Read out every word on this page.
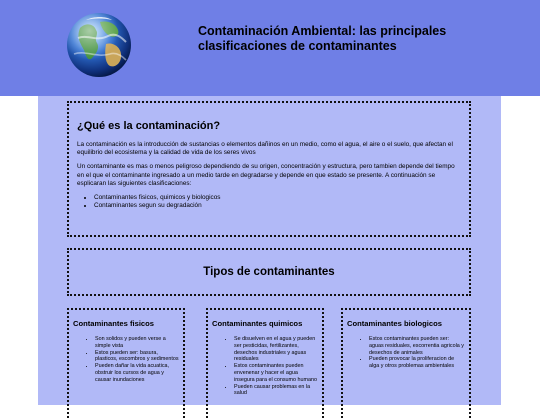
Contaminación Ambiental: las principales clasificaciones de contaminantes
¿Qué es la contaminación?

La contaminación es la introducción de sustancias o elementos dañinos en un medio, como el agua, el aire o el suelo, que afectan el equilibrio del ecosistema y la calidad de vida de los seres vivos

Un contaminante es mas o menos peligroso dependiendo de su origen, concentración y estructura, pero tambien depende del tiempo en el que el contaminante ingresado a un medio tarde en degradarse y depende en que estado se presente. A continuación se esplicaran las siguientes clasificaciones:

• Contaminantes fisicos, quimicos y biologicos
• Contaminantes segun su degradación
Tipos de contaminantes
Contaminantes fisicos
• Son solidos y pueden verse a simple vista
• Estos pueden ser: basura, plasticos, escombros y sedimentos
• Pueden dañar la vida acuatica, obstruir los cursos de agua y causar inundaciones
Contaminantes quimicos
• Se disuelven en el agua y pueden ser pesticidas, fertilizantes, desechos industriales y aguas residuales
• Estos contaminantes pueden envenenar y hacer el agua insegura para el consumo humano
• Pueden causar problemas en la salud
Contaminantes biologicos
• Estos contaminantes pueden ser: aguas residuales, escorrentia agricola y desechos de animales
• Pueden provocar la proliferacion de alga y otros problemas ambientales
